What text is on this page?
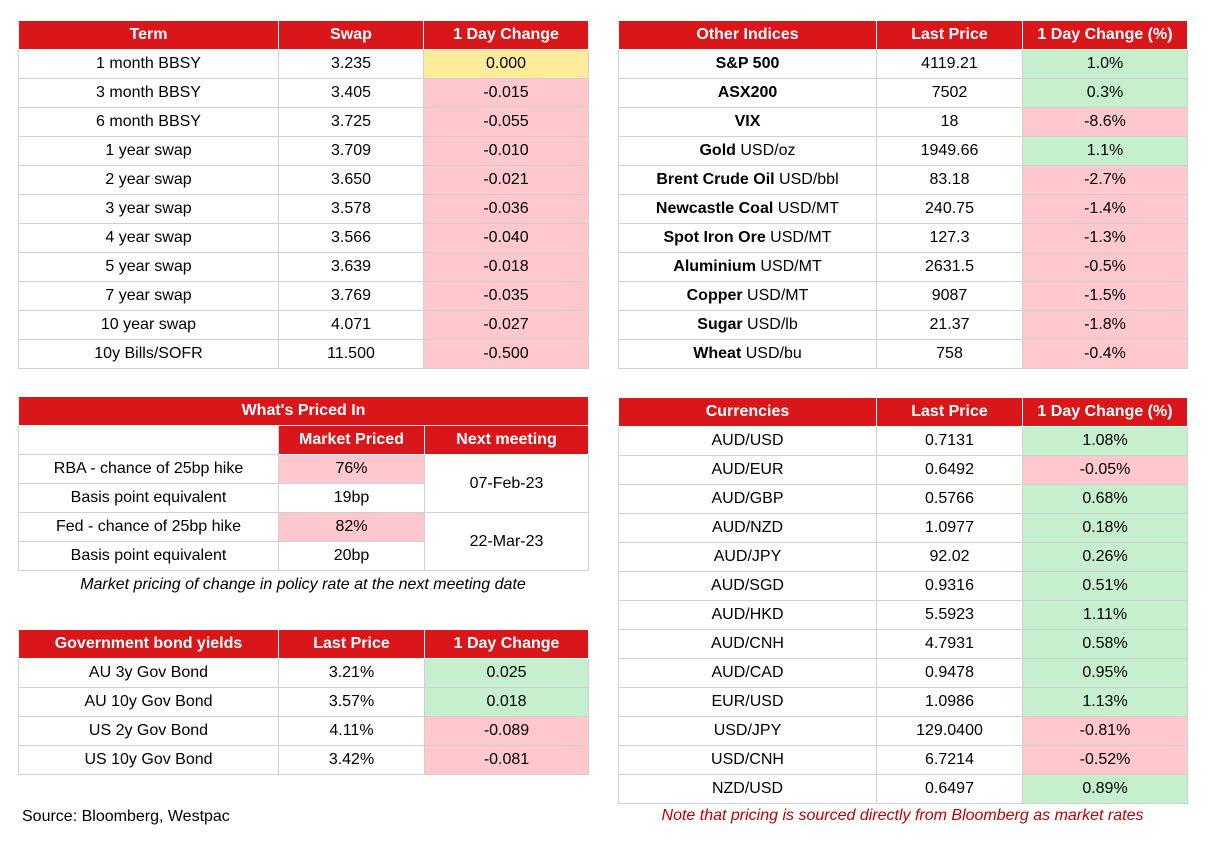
Term	Swap	1 Day Change
1 month BBSY	3.235	0.000
3 month BBSY	3.405	-0.015
6 month BBSY	3.725	-0.055
1 year swap	3.709	-0.010
2 year swap	3.650	-0.021
3 year swap	3.578	-0.036
4 year swap	3.566	-0.040
5 year swap	3.639	-0.018
7 year swap	3.769	-0.035
10 year swap	4.071	-0.027
10y Bills/SOFR	11.500	-0.500
Other Indices	Last Price	1 Day Change (%)
S&P 500	4119.21	1.0%
ASX200	7502	0.3%
VIX	18	-8.6%
Gold USD/oz	1949.66	1.1%
Brent Crude Oil USD/bbl	83.18	-2.7%
Newcastle Coal USD/MT	240.75	-1.4%
Spot Iron Ore USD/MT	127.3	-1.3%
Aluminium USD/MT	2631.5	-0.5%
Copper USD/MT	9087	-1.5%
Sugar USD/lb	21.37	-1.8%
Wheat USD/bu	758	-0.4%
What's Priced In		
	Market Priced	Next meeting
RBA - chance of 25bp hike	76%	07-Feb-23
Basis point equivalent	19bp	
Fed - chance of 25bp hike	82%	22-Mar-23
Basis point equivalent	20bp	
Market pricing of change in policy rate at the next meeting date
Government bond yields	Last Price	1 Day Change
AU 3y Gov Bond	3.21%	0.025
AU 10y Gov Bond	3.57%	0.018
US 2y Gov Bond	4.11%	-0.089
US 10y Gov Bond	3.42%	-0.081
Currencies	Last Price	1 Day Change (%)
AUD/USD	0.7131	1.08%
AUD/EUR	0.6492	-0.05%
AUD/GBP	0.5766	0.68%
AUD/NZD	1.0977	0.18%
AUD/JPY	92.02	0.26%
AUD/SGD	0.9316	0.51%
AUD/HKD	5.5923	1.11%
AUD/CNH	4.7931	0.58%
AUD/CAD	0.9478	0.95%
EUR/USD	1.0986	1.13%
USD/JPY	129.0400	-0.81%
USD/CNH	6.7214	-0.52%
NZD/USD	0.6497	0.89%
Source: Bloomberg, Westpac	Note that pricing is sourced directly from Bloomberg as market rates
